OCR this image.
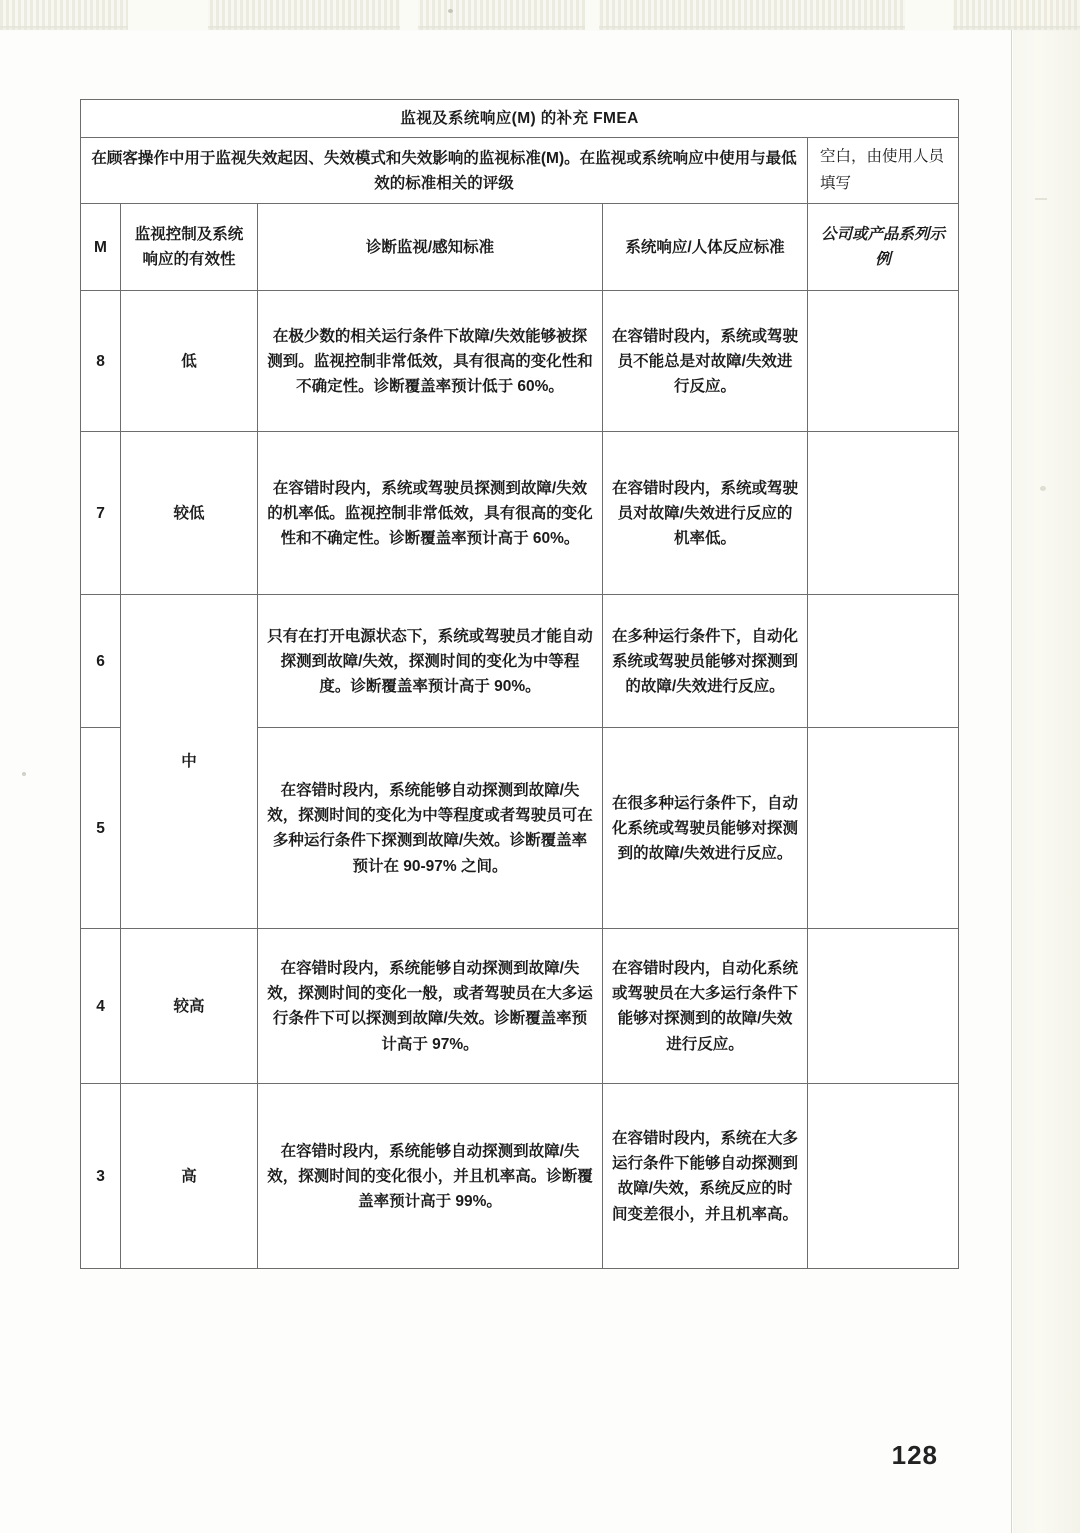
监视及系统响应(M) 的补充 FMEA				
在顾客操作中用于监视失效起因、失效模式和失效影响的监视标准(M)。在监视或系统响应中使用与最低效的标准相关的评级				空白，由使用人员填写
M	监视控制及系统响应的有效性	诊断监视/感知标准	系统响应/人体反应标准	公司或产品系列示例
8	低	在极少数的相关运行条件下故障/失效能够被探测到。监视控制非常低效，具有很高的变化性和不确定性。诊断覆盖率预计低于 60%。	在容错时段内，系统或驾驶员不能总是对故障/失效进行反应。	
7	较低	在容错时段内，系统或驾驶员探测到故障/失效的机率低。监视控制非常低效，具有很高的变化性和不确定性。诊断覆盖率预计高于 60%。	在容错时段内，系统或驾驶员对故障/失效进行反应的机率低。	
6	中	只有在打开电源状态下，系统或驾驶员才能自动探测到故障/失效，探测时间的变化为中等程度。诊断覆盖率预计高于 90%。	在多种运行条件下，自动化系统或驾驶员能够对探测到的故障/失效进行反应。	
5		在容错时段内，系统能够自动探测到故障/失效，探测时间的变化为中等程度或者驾驶员可在多种运行条件下探测到故障/失效。诊断覆盖率预计在 90-97% 之间。	在很多种运行条件下，自动化系统或驾驶员能够对探测到的故障/失效进行反应。	
4	较高	在容错时段内，系统能够自动探测到故障/失效，探测时间的变化一般，或者驾驶员在大多运行条件下可以探测到故障/失效。诊断覆盖率预计高于 97%。	在容错时段内，自动化系统或驾驶员在大多运行条件下能够对探测到的故障/失效进行反应。	
3	高	在容错时段内，系统能够自动探测到故障/失效，探测时间的变化很小，并且机率高。诊断覆盖率预计高于 99%。	在容错时段内，系统在大多运行条件下能够自动探测到故障/失效，系统反应的时间变差很小，并且机率高。	
128
